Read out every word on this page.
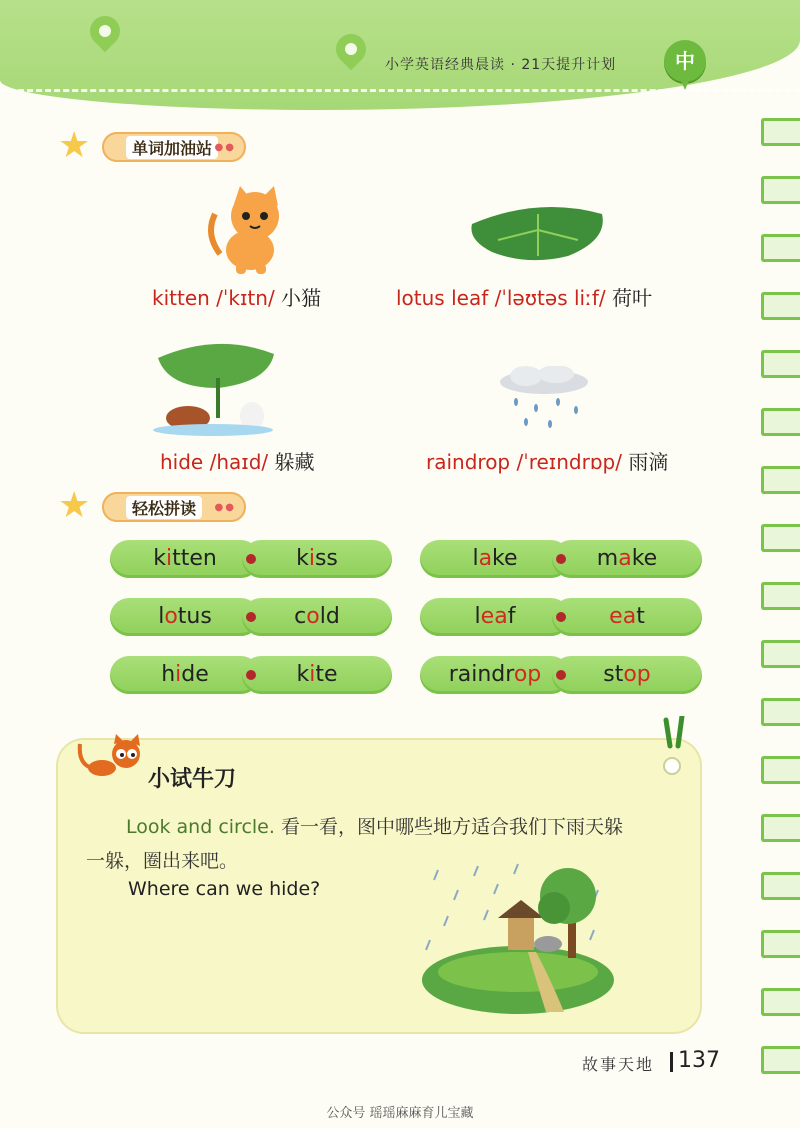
小学英语经典晨读 · 21天提升计划	中
★	单词加油站 ●●
kitten /ˈkɪtn/ 小猫	lotus leaf /ˈləʊtəs liːf/ 荷叶
hide /haɪd/ 躲藏	raindrop /ˈreɪndrɒp/ 雨滴
★	轻松拼读	●●
kitten	kiss	lake	make
lotus	cold	leaf	eat
hide	kite	raindrop	stop
小试牛刀
Look and circle. 看一看，图中哪些地方适合我们下雨天躲
一躲，圈出来吧。
Where can we hide?
故事天地 137
公众号 瑶瑶麻麻育儿宝藏
